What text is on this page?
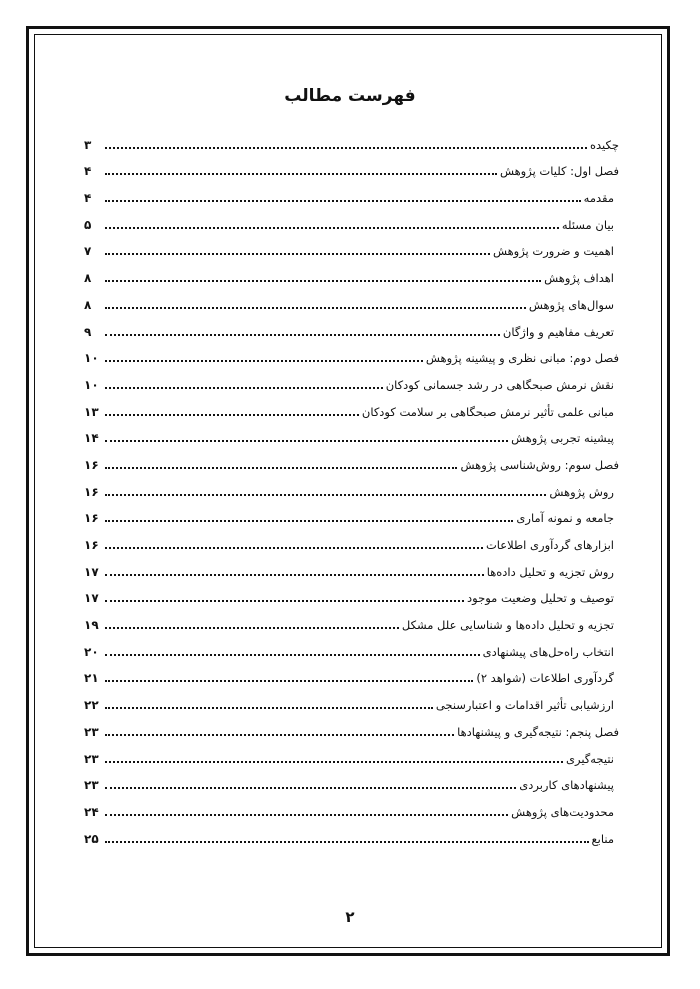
فهرست مطالب
چکیده
۳
فصل اول: کلیات پژوهش
۴
مقدمه
۴
بیان مسئله
۵
اهمیت و ضرورت پژوهش
۷
اهداف پژوهش
۸
سوال‌های پژوهش
۸
تعریف مفاهیم و واژگان
۹
فصل دوم: مبانی نظری و پیشینه پژوهش
۱۰
نقش نرمش صبحگاهی در رشد جسمانی کودکان
۱۰
مبانی علمی تأثیر نرمش صبحگاهی بر سلامت کودکان
۱۳
پیشینه تجربی پژوهش
۱۴
فصل سوم: روش‌شناسی پژوهش
۱۶
روش پژوهش
۱۶
جامعه و نمونه آماری
۱۶
ابزارهای گردآوری اطلاعات
۱۶
روش تجزیه و تحلیل داده‌ها
۱۷
توصیف و تحلیل وضعیت موجود
۱۷
تجزیه و تحلیل داده‌ها و شناسایی علل مشکل
۱۹
انتخاب راه‌حل‌های پیشنهادی
۲۰
گردآوری اطلاعات (شواهد ۲)
۲۱
ارزشیابی تأثیر اقدامات و اعتبارسنجی
۲۲
فصل پنجم: نتیجه‌گیری و پیشنهادها
۲۳
نتیجه‌گیری
۲۳
پیشنهادهای کاربردی
۲۳
محدودیت‌های پژوهش
۲۴
منابع
۲۵
۲
